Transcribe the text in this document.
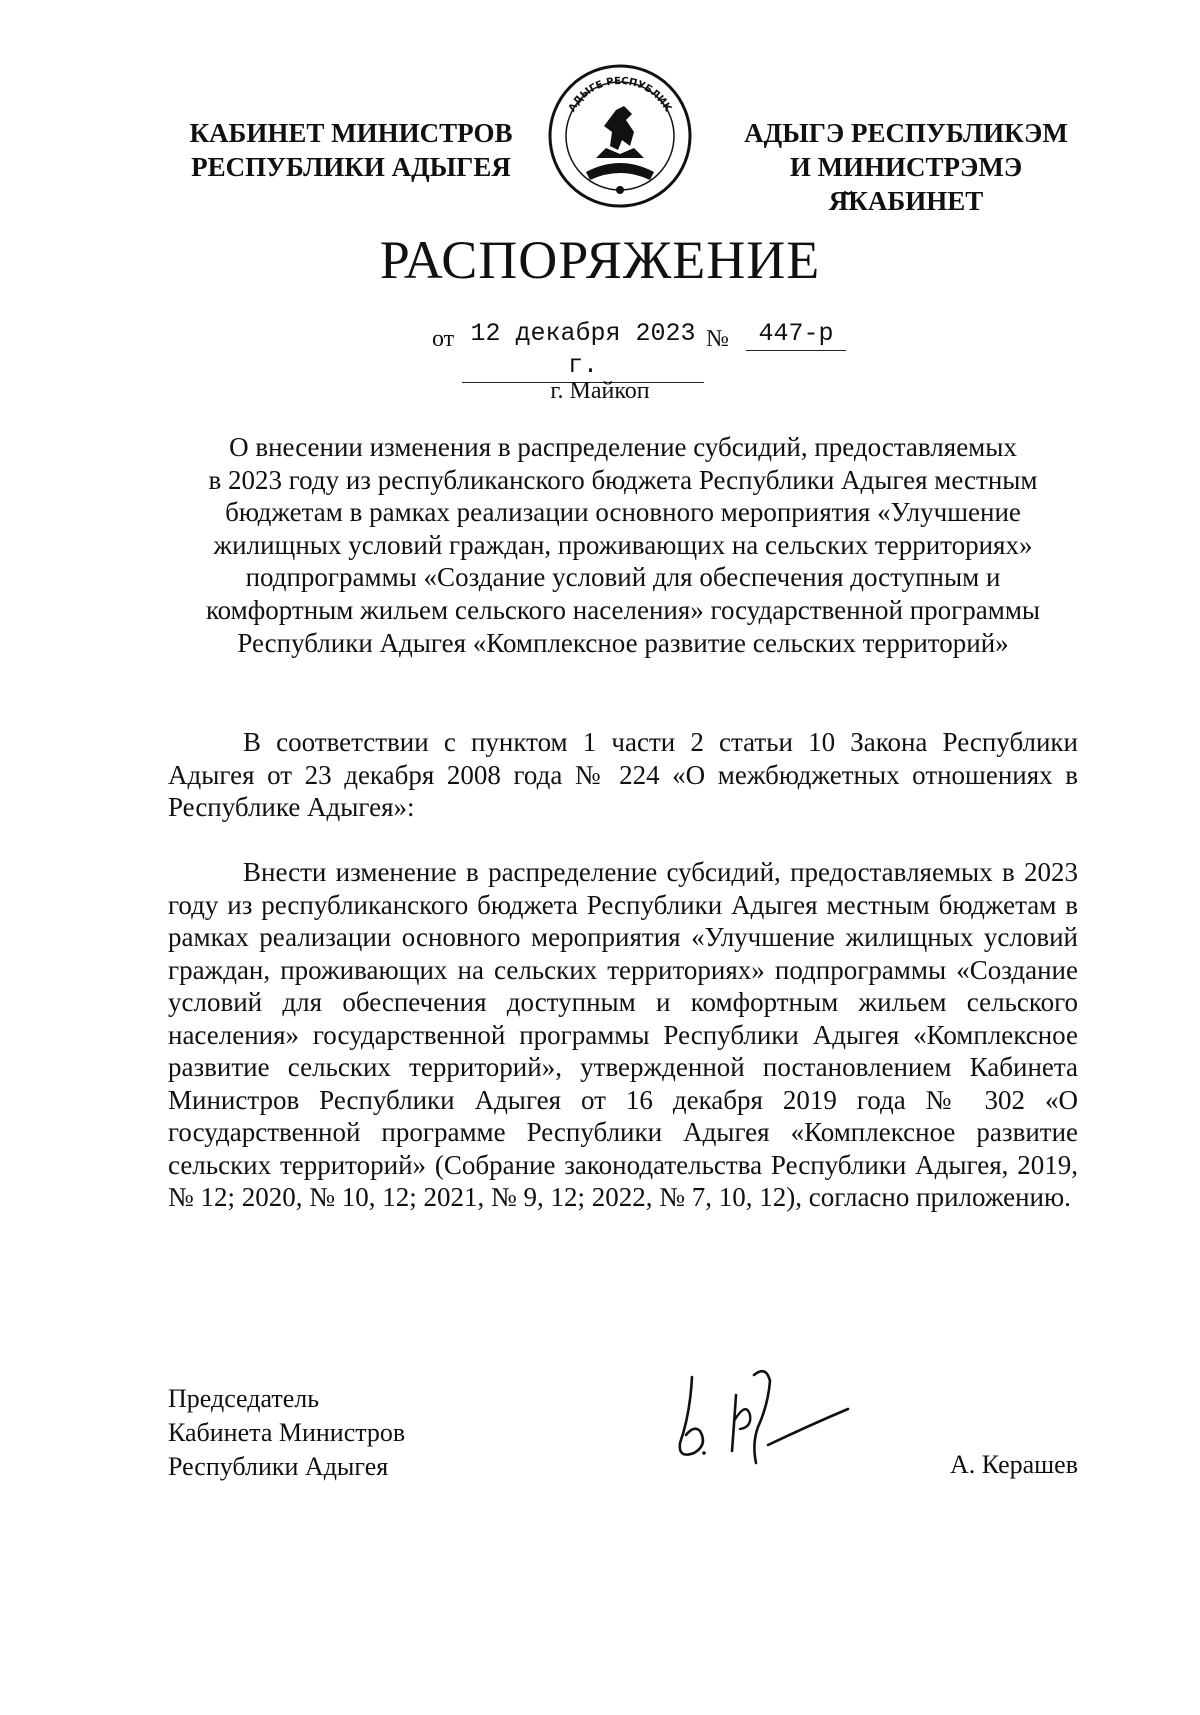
КАБИНЕТ МИНИСТРОВ
РЕСПУБЛИКИ АДЫГЕЯ
АДЫГЕ РЕСПУБЛИК
АДЫГЭ РЕСПУБЛИКЭМ
И МИНИСТРЭМЭ Я̆КАБИНЕТ
РАСПОРЯЖЕНИЕ
от 12 декабря 2023 г.
№	447-р
г. Майкоп
О внесении изменения в распределение субсидий, предоставляемых
в 2023 году из республиканского бюджета Республики Адыгея местным
бюджетам в рамках реализации основного мероприятия «Улучшение
жилищных условий граждан, проживающих на сельских территориях»
подпрограммы «Создание условий для обеспечения доступным и
комфортным жильем сельского населения» государственной программы
Республики Адыгея «Комплексное развитие сельских территорий»

В соответствии с пунктом 1 части 2 статьи 10 Закона Республики Адыгея от 23 декабря 2008 года № 224 «О межбюджетных отношениях в Республике Адыгея»:

Внести изменение в распределение субсидий, предоставляемых в 2023 году из республиканского бюджета Республики Адыгея местным бюджетам в рамках реализации основного мероприятия «Улучшение жилищных условий граждан, проживающих на сельских территориях» подпрограммы «Создание условий для обеспечения доступным и комфортным жильем сельского населения» государственной программы Республики Адыгея «Комплексное развитие сельских территорий», утвержденной постановлением Кабинета Министров Республики Адыгея от 16 декабря 2019 года № 302 «О государственной программе Республики Адыгея «Комплексное развитие сельских территорий» (Собрание законодательства Республики Адыгея, 2019, № 12; 2020, № 10, 12; 2021, № 9, 12; 2022, № 7, 10, 12), согласно приложению.

Председатель
Кабинета Министров
Республики Адыгея	А. Керашев
